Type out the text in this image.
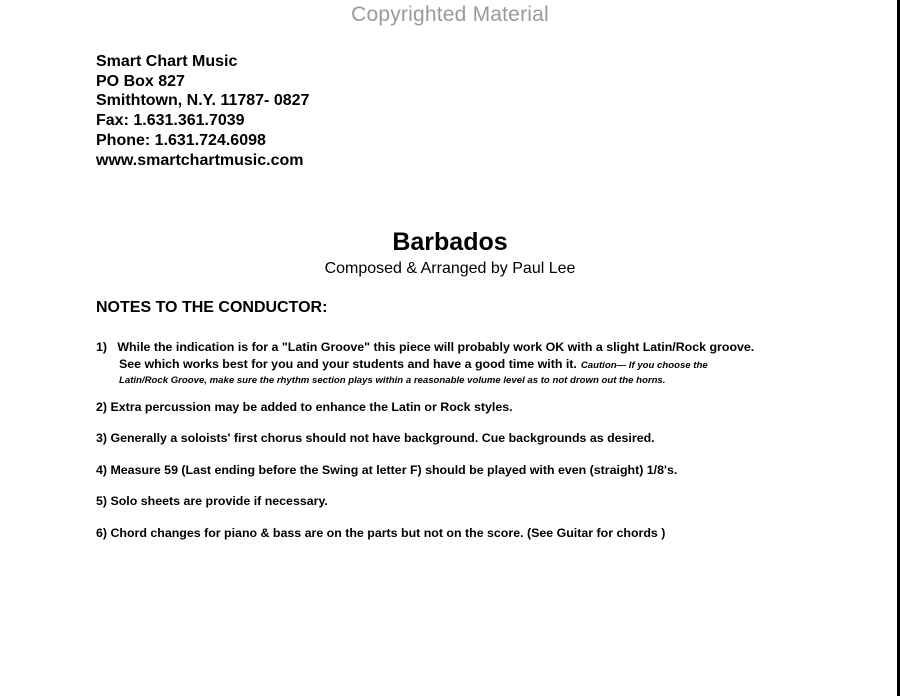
Copyrighted Material
Smart Chart Music
PO Box 827
Smithtown, N.Y. 11787- 0827
Fax: 1.631.361.7039
Phone: 1.631.724.6098
www.smartchartmusic.com
Barbados
Composed & Arranged by Paul Lee
NOTES TO THE CONDUCTOR:
1) While the indication is for a "Latin Groove" this piece will probably work OK with a slight Latin/Rock groove.
See which works best for you and your students and have a good time with it. Caution— If you choose the
Latin/Rock Groove, make sure the rhythm section plays within a reasonable volume level as to not drown out the horns.
2) Extra percussion may be added to enhance the Latin or Rock styles.
3) Generally a soloists' first chorus should not have background. Cue backgrounds as desired.
4) Measure 59 (Last ending before the Swing at letter F) should be played with even (straight) 1/8's.
5) Solo sheets are provide if necessary.
6) Chord changes for piano & bass are on the parts but not on the score. (See Guitar for chords )
